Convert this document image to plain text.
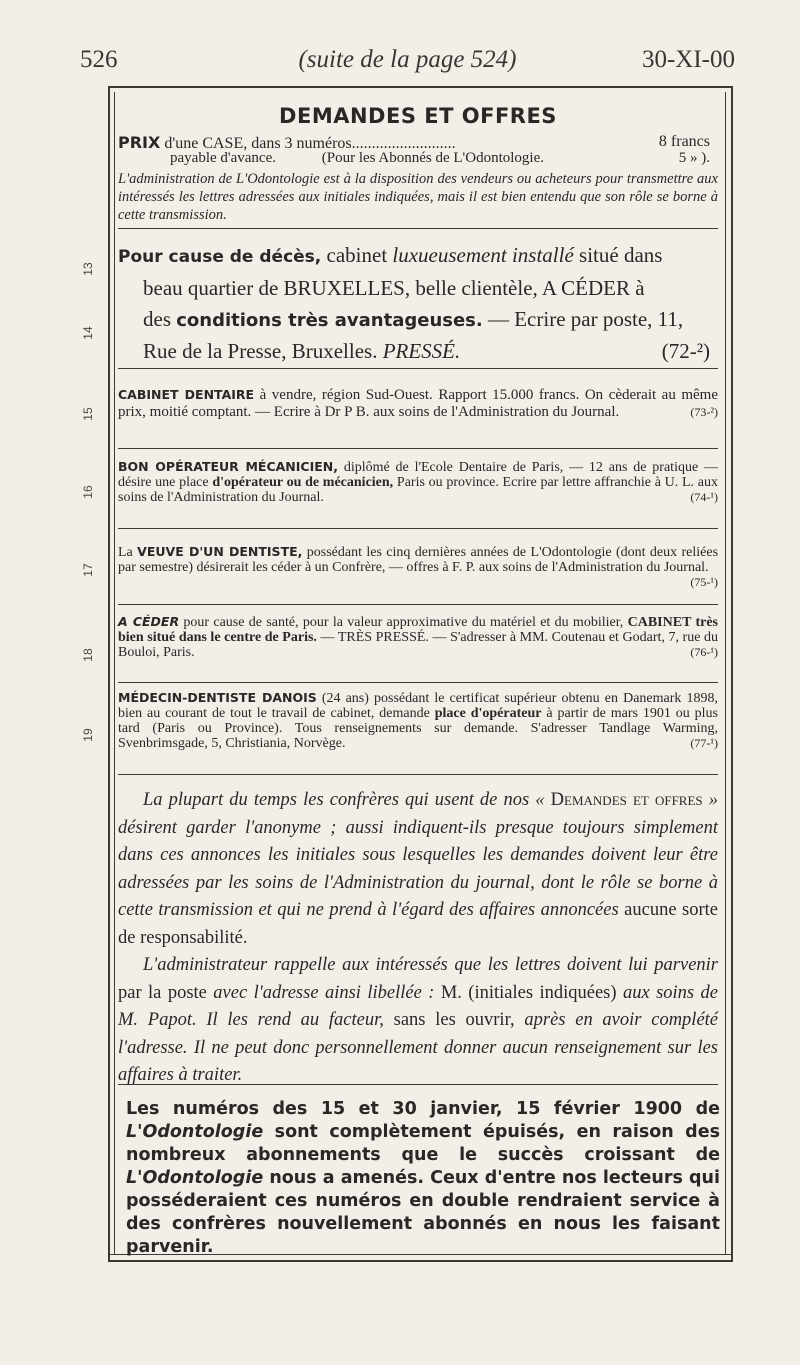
526	(suite de la page 524)	30-XI-00
13
14
15
16
17
18
19
DEMANDES ET OFFRES
PRIX d'une CASE, dans 3 numéros..........................	8 francs
payable d'avance.	(Pour les Abonnés de L'Odontologie.	5 » ).
L'administration de L'Odontologie est à la disposition des vendeurs ou acheteurs pour transmettre aux intéressés les lettres adressées aux initiales indiquées, mais il est bien entendu que son rôle se borne à cette transmission.
Pour cause de décès, cabinet luxueusement installé situé dans
beau quartier de BRUXELLES, belle clientèle, A CÉDER à
des conditions très avantageuses. — Ecrire par poste, 11,
Rue de la Presse, Bruxelles. PRESSÉ.	(72-²)
CABINET DENTAIRE à vendre, région Sud-Ouest. Rapport 15.000 francs. On cèderait au même prix, moitié comptant. — Ecrire à Dr P B. aux soins de l'Administration du Journal.	(73-²)
BON OPÉRATEUR MÉCANICIEN, diplômé de l'Ecole Dentaire de Paris, — 12 ans de pratique — désire une place d'opérateur ou de mécanicien, Paris ou province. Ecrire par lettre affranchie à U. L. aux soins de l'Administration du Journal.	(74-¹)
La VEUVE D'UN DENTISTE, possédant les cinq dernières années de L'Odontologie (dont deux reliées par semestre) désirerait les céder à un Confrère, — offres à F. P. aux soins de l'Administration du Journal.
(75-¹)
A CÉDER pour cause de santé, pour la valeur approximative du matériel et du mobilier, CABINET très bien situé dans le centre de Paris. — TRÈS PRESSÉ. — S'adresser à MM. Coutenau et Godart, 7, rue du Bouloi, Paris.	(76-¹)
MÉDECIN-DENTISTE DANOIS (24 ans) possédant le certificat supérieur obtenu en Danemark 1898, bien au courant de tout le travail de cabinet, demande place d'opérateur à partir de mars 1901 ou plus tard (Paris ou Province). Tous renseignements sur demande. S'adresser Tandlage Warming, Svenbrimsgade, 5, Christiania, Norvège.	(77-¹)
La plupart du temps les confrères qui usent de nos « Demandes et offres » désirent garder l'anonyme ; aussi indiquent-ils presque toujours simplement dans ces annonces les initiales sous lesquelles les demandes doivent leur être adressées par les soins de l'Administration du journal, dont le rôle se borne à cette transmission et qui ne prend à l'égard des affaires annoncées aucune sorte de responsabilité.
L'administrateur rappelle aux intéressés que les lettres doivent lui parvenir par la poste avec l'adresse ainsi libellée : M. (initiales indiquées) aux soins de M. Papot. Il les rend au facteur, sans les ouvrir, après en avoir complété l'adresse. Il ne peut donc personnellement donner aucun renseignement sur les affaires à traiter.
Les numéros des 15 et 30 janvier, 15 février 1900 de L'Odontologie sont complètement épuisés, en raison des nombreux abonnements que le succès croissant de L'Odontologie nous a amenés. Ceux d'entre nos lecteurs qui posséderaient ces numéros en double rendraient service à des confrères nouvellement abonnés en nous les faisant parvenir.
